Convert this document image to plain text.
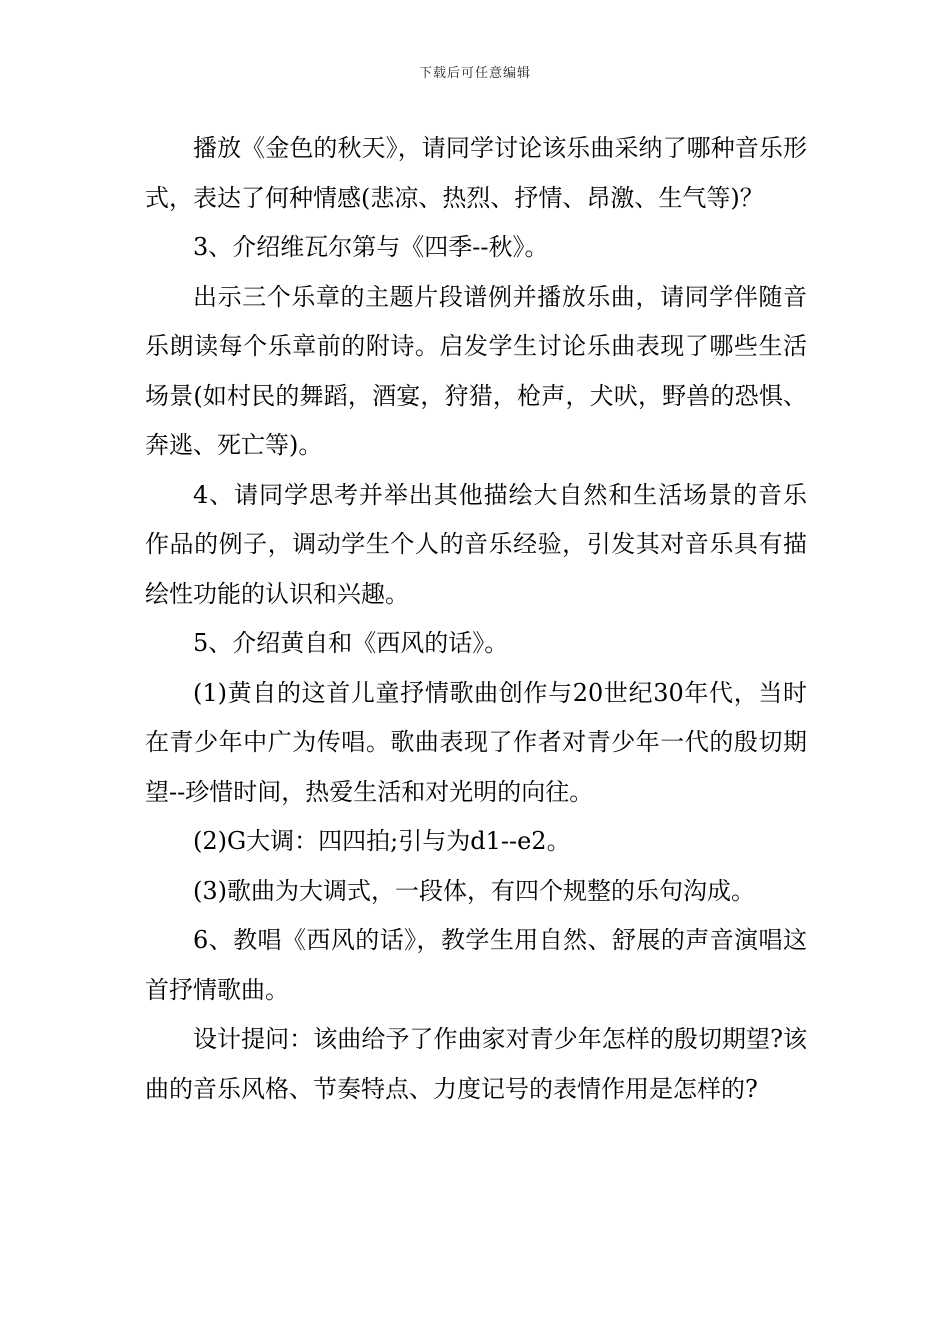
下载后可任意编辑

播放《金色的秋天》，请同学讨论该乐曲采纳了哪种音乐形式，表达了何种情感(悲凉、热烈、抒情、昂激、生气等)？

3、介绍维瓦尔第与《四季--秋》。

出示三个乐章的主题片段谱例并播放乐曲，请同学伴随音乐朗读每个乐章前的附诗。启发学生讨论乐曲表现了哪些生活场景(如村民的舞蹈，酒宴，狩猎，枪声，犬吠，野兽的恐惧、奔逃、死亡等)。

4、请同学思考并举出其他描绘大自然和生活场景的音乐作品的例子，调动学生个人的音乐经验，引发其对音乐具有描绘性功能的认识和兴趣。

5、介绍黄自和《西风的话》。

(1)黄自的这首儿童抒情歌曲创作与20世纪30年代，当时在青少年中广为传唱。歌曲表现了作者对青少年一代的殷切期望--珍惜时间，热爱生活和对光明的向往。

(2)G大调：四四拍;引与为d1--e2。

(3)歌曲为大调式，一段体，有四个规整的乐句沟成。

6、教唱《西风的话》，教学生用自然、舒展的声音演唱这首抒情歌曲。

设计提问：该曲给予了作曲家对青少年怎样的殷切期望?该曲的音乐风格、节奏特点、力度记号的表情作用是怎样的?
